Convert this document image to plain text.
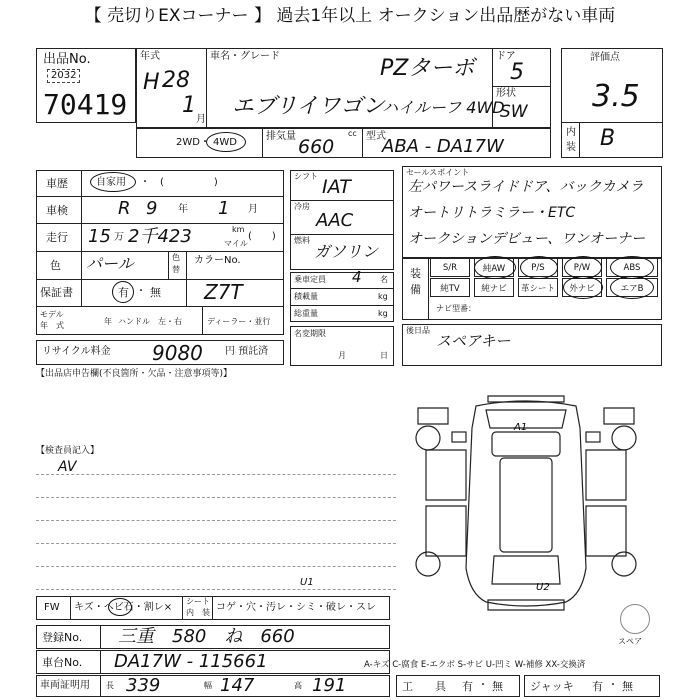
【 売切りEXコーナー 】 過去1年以上 オークション出品歴がない車両
出品No.
2032
70419
年式
H 28
1
月
車名・グレード	PZターボ
エブリイワゴン
ハイルーフ 4WD
ドア
5
形状
SW
評価点
3.5
内
装 B
2WD ・ 4WD
排気量 660
cc 型式
ABA - DA17W
車歴	自家用 ・　(　　　　　)
車検	R 9 年 1 月
走行 15 万 2千423	km
マイル
(　　)
色 パール	色
替
カラーNo.
保証書	有 ・ 無 Z7T
モデル
年　式	年 ハンドル　左・右	ディーラー・並行
リサイクル料金 9080 円 預託済
シフト IAT
冷房
AAC
燃料
ガソリン
乗車定員 4 名
積載量	kg
総重量	kg
名変期限
月	日
セールスポイント
左パワースライドドア、バックカメラ
オートリトラミラー・ETC
オークションデビュー、ワンオーナー
装
備
S/R	純AW	P/S	P/W	ABS
純TV	純ナビ	革シート	外ナビ	エアB
ナビ型番：
後日品
スペアキー
【出品店申告欄(不良箇所・欠品・注意事項等)】
【検査員記入】
AV
A1
U2
U1
スペア
FW キズ・ヘビ石・割レ×
シート
内　装 コゲ・穴・汚レ・シミ・破レ・スレ
登録No. 三重　580　ね　660
車台No. DA17W - 115661	A-キズ C-腐食 E-エクボ S-サビ U-凹ミ W-補修 XX-交換済
車両証明用 長 339	幅 147	高 191	工　　具 有 ・ 無 ジャッキ 有 ・ 無
